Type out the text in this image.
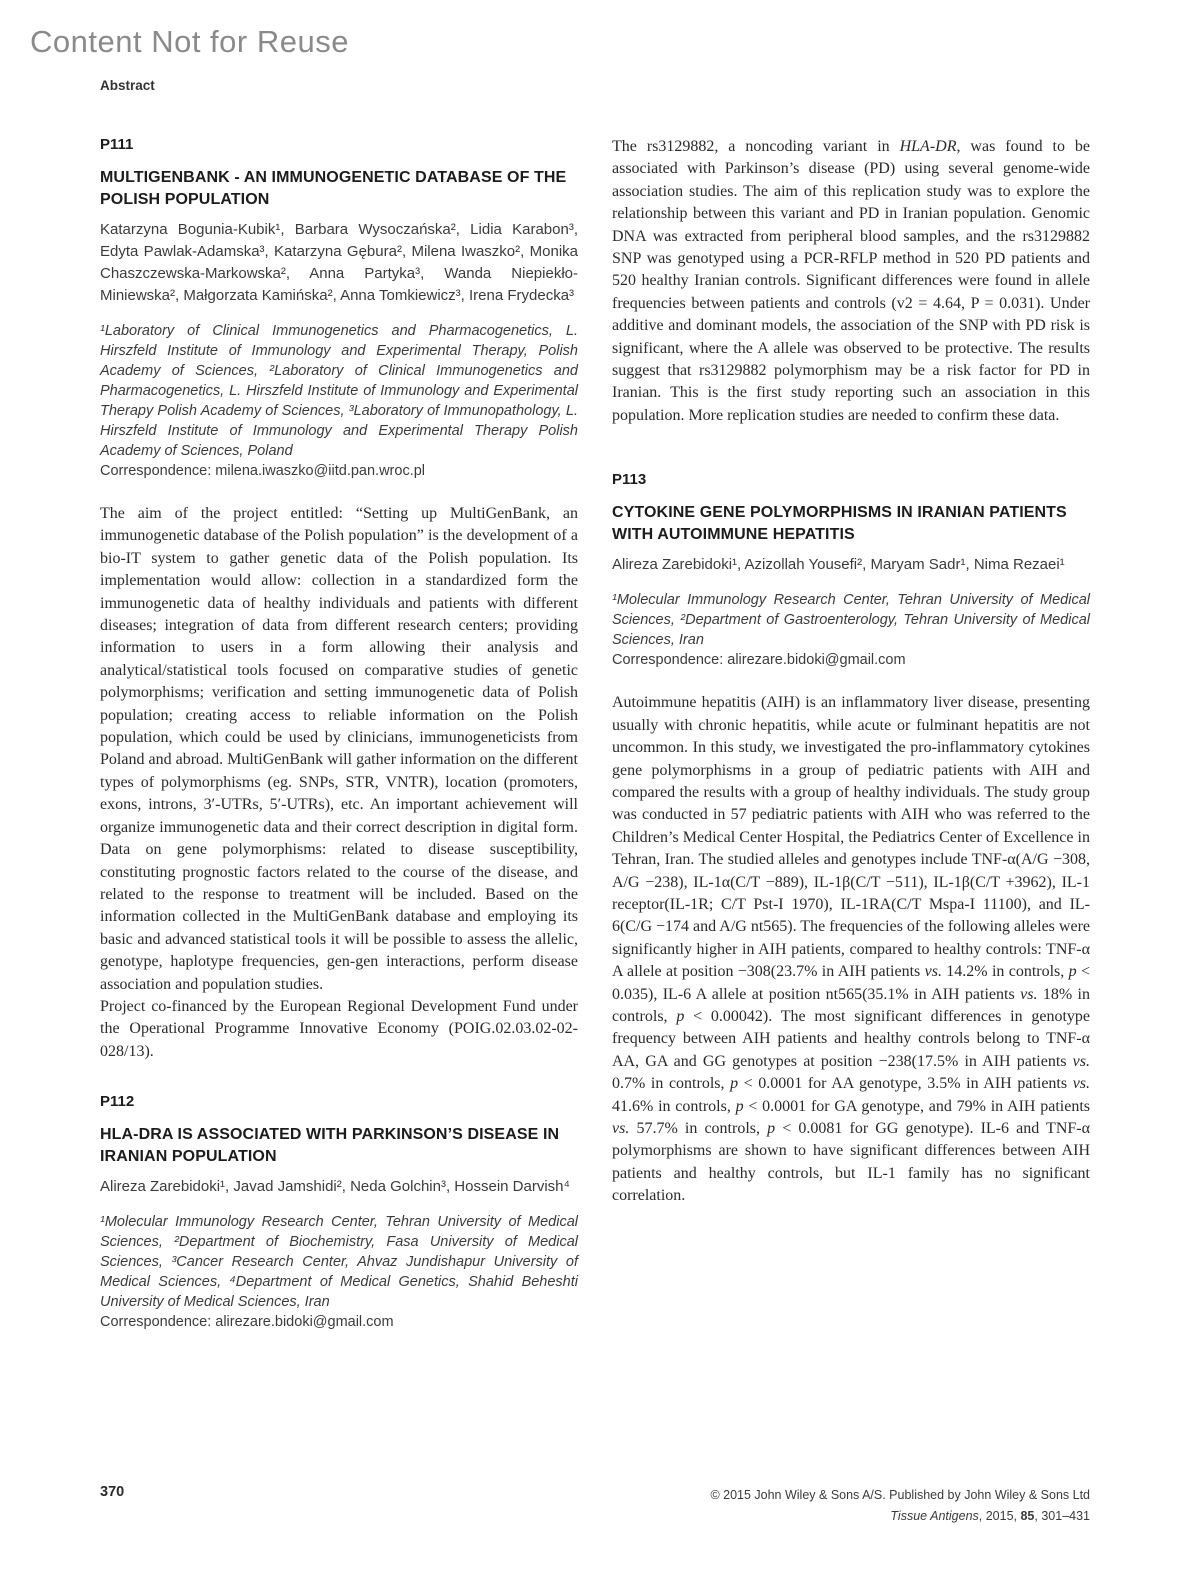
Content Not for Reuse
Abstract
P111
MULTIGENBANK - AN IMMUNOGENETIC DATABASE OF THE POLISH POPULATION

Katarzyna Bogunia-Kubik¹, Barbara Wysoczańska², Lidia Karabon³, Edyta Pawlak-Adamska³, Katarzyna Gębura², Milena Iwaszko², Monika Chaszczewska-Markowska², Anna Partyka³, Wanda Niepiekło-Miniewska², Małgorzata Kamińska², Anna Tomkiewicz³, Irena Frydecka³

¹Laboratory of Clinical Immunogenetics and Pharmacogenetics, L. Hirszfeld Institute of Immunology and Experimental Therapy, Polish Academy of Sciences, ²Laboratory of Clinical Immunogenetics and Pharmacogenetics, L. Hirszfeld Institute of Immunology and Experimental Therapy Polish Academy of Sciences, ³Laboratory of Immunopathology, L. Hirszfeld Institute of Immunology and Experimental Therapy Polish Academy of Sciences, Poland

Correspondence: milena.iwaszko@iitd.pan.wroc.pl

The aim of the project entitled: “Setting up MultiGenBank, an immunogenetic database of the Polish population” is the development of a bio-IT system to gather genetic data of the Polish population. Its implementation would allow: collection in a standardized form the immunogenetic data of healthy individuals and patients with different diseases; integration of data from different research centers; providing information to users in a form allowing their analysis and analytical/statistical tools focused on comparative studies of genetic polymorphisms; verification and setting immunogenetic data of Polish population; creating access to reliable information on the Polish population, which could be used by clinicians, immunogeneticists from Poland and abroad. MultiGenBank will gather information on the different types of polymorphisms (eg. SNPs, STR, VNTR), location (promoters, exons, introns, 3′-UTRs, 5′-UTRs), etc. An important achievement will organize immunogenetic data and their correct description in digital form. Data on gene polymorphisms: related to disease susceptibility, constituting prognostic factors related to the course of the disease, and related to the response to treatment will be included. Based on the information collected in the MultiGenBank database and employing its basic and advanced statistical tools it will be possible to assess the allelic, genotype, haplotype frequencies, gen-gen interactions, perform disease association and population studies.

Project co-financed by the European Regional Development Fund under the Operational Programme Innovative Economy (POIG.02.03.02-02-028/13).

P112
HLA-DRA IS ASSOCIATED WITH PARKINSON’S DISEASE IN IRANIAN POPULATION

Alireza Zarebidoki¹, Javad Jamshidi², Neda Golchin³, Hossein Darvish⁴

¹Molecular Immunology Research Center, Tehran University of Medical Sciences, ²Department of Biochemistry, Fasa University of Medical Sciences, ³Cancer Research Center, Ahvaz Jundishapur University of Medical Sciences, ⁴Department of Medical Genetics, Shahid Beheshti University of Medical Sciences, Iran

Correspondence: alirezare.bidoki@gmail.com

The rs3129882, a noncoding variant in HLA-DR, was found to be associated with Parkinson’s disease (PD) using several genome-wide association studies. The aim of this replication study was to explore the relationship between this variant and PD in Iranian population. Genomic DNA was extracted from peripheral blood samples, and the rs3129882 SNP was genotyped using a PCR-RFLP method in 520 PD patients and 520 healthy Iranian controls. Significant differences were found in allele frequencies between patients and controls (v2 = 4.64, P = 0.031). Under additive and dominant models, the association of the SNP with PD risk is significant, where the A allele was observed to be protective. The results suggest that rs3129882 polymorphism may be a risk factor for PD in Iranian. This is the first study reporting such an association in this population. More replication studies are needed to confirm these data.

P113
CYTOKINE GENE POLYMORPHISMS IN IRANIAN PATIENTS WITH AUTOIMMUNE HEPATITIS

Alireza Zarebidoki¹, Azizollah Yousefi², Maryam Sadr¹, Nima Rezaei¹

¹Molecular Immunology Research Center, Tehran University of Medical Sciences, ²Department of Gastroenterology, Tehran University of Medical Sciences, Iran

Correspondence: alirezare.bidoki@gmail.com

Autoimmune hepatitis (AIH) is an inflammatory liver disease, presenting usually with chronic hepatitis, while acute or fulminant hepatitis are not uncommon. In this study, we investigated the pro-inflammatory cytokines gene polymorphisms in a group of pediatric patients with AIH and compared the results with a group of healthy individuals. The study group was conducted in 57 pediatric patients with AIH who was referred to the Children’s Medical Center Hospital, the Pediatrics Center of Excellence in Tehran, Iran. The studied alleles and genotypes include TNF-α(A/G −308, A/G −238), IL-1α(C/T −889), IL-1β(C/T −511), IL-1β(C/T +3962), IL-1 receptor(IL-1R; C/T Pst-I 1970), IL-1RA(C/T Mspa-I 11100), and IL-6(C/G −174 and A/G nt565). The frequencies of the following alleles were significantly higher in AIH patients, compared to healthy controls: TNF-α A allele at position −308(23.7% in AIH patients vs. 14.2% in controls, p < 0.035), IL-6 A allele at position nt565(35.1% in AIH patients vs. 18% in controls, p < 0.00042). The most significant differences in genotype frequency between AIH patients and healthy controls belong to TNF-α AA, GA and GG genotypes at position −238(17.5% in AIH patients vs. 0.7% in controls, p < 0.0001 for AA genotype, 3.5% in AIH patients vs. 41.6% in controls, p < 0.0001 for GA genotype, and 79% in AIH patients vs. 57.7% in controls, p < 0.0081 for GG genotype). IL-6 and TNF-α polymorphisms are shown to have significant differences between AIH patients and healthy controls, but IL-1 family has no significant correlation.

370	© 2015 John Wiley & Sons A/S. Published by John Wiley & Sons Ltd
Tissue Antigens, 2015, 85, 301–431
